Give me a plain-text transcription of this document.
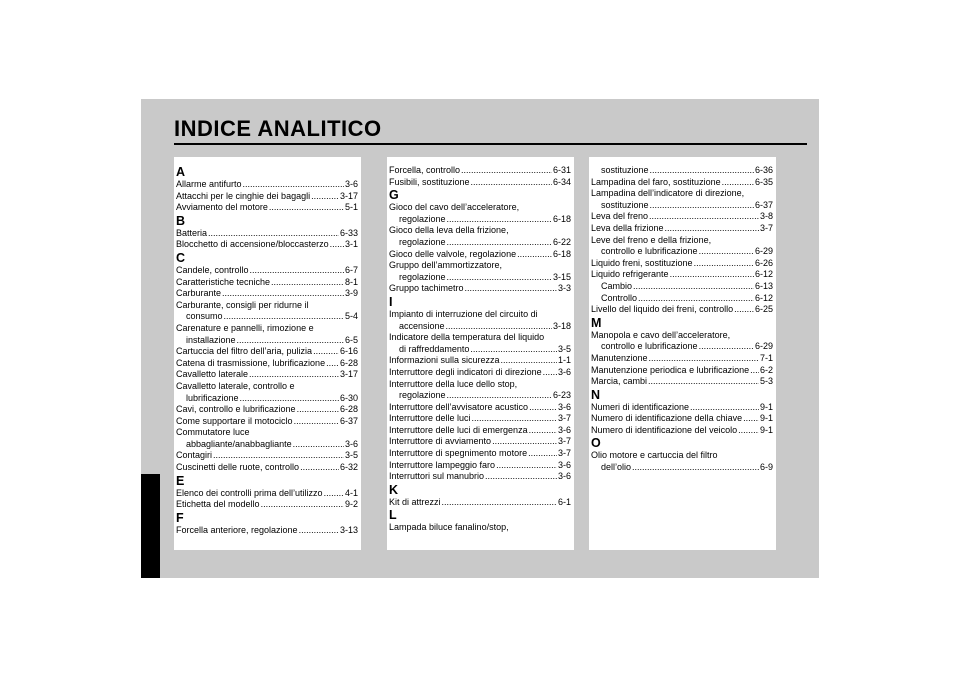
INDICE ANALITICO
A
Allarme antifurto .....	3-6
Attacchi per le cinghie dei bagagli .....	3-17
Avviamento del motore .....	5-1
B
Batteria .....	6-33
Blocchetto di accensione/bloccasterzo ..... 3-1
C
Candele, controllo .....	6-7
Caratteristiche tecniche .....	8-1
Carburante .....	3-9
Carburante, consigli per ridurne il
consumo .....	5-4
Carenature e pannelli, rimozione e
installazione .....	6-5
Cartuccia del filtro dell’aria, pulizia .....	6-16
Catena di trasmissione, lubrificazione ..... 6-28
Cavalletto laterale .....	3-17
Cavalletto laterale, controllo e
lubrificazione .....	6-30
Cavi, controllo e lubrificazione .....	6-28
Come supportare il motociclo .....	6-37
Commutatore luce
abbagliante/anabbagliante .....	3-6
Contagiri .....	3-5
Cuscinetti delle ruote, controllo .....	6-32
E
Elenco dei controlli prima dell’utilizzo ..... 4-1
Etichetta del modello .....	9-2
F
Forcella anteriore, regolazione .....	3-13
Forcella, controllo .....	6-31
Fusibili, sostituzione .....	6-34
G
Gioco del cavo dell’acceleratore,
regolazione .....	6-18
Gioco della leva della frizione,
regolazione .....	6-22
Gioco delle valvole, regolazione .....	6-18
Gruppo dell’ammortizzatore,
regolazione .....	3-15
Gruppo tachimetro .....	3-3
I
Impianto di interruzione del circuito di
accensione .....	3-18
Indicatore della temperatura del liquido
di raffreddamento .....	3-5
Informazioni sulla sicurezza .....	1-1
Interruttore degli indicatori di direzione ..... 3-6
Interruttore della luce dello stop,
regolazione .....	6-23
Interruttore dell’avvisatore acustico .....	3-6
Interruttore delle luci .....	3-7
Interruttore delle luci di emergenza .....	3-6
Interruttore di avviamento .....	3-7
Interruttore di spegnimento motore .....	3-7
Interruttore lampeggio faro .....	3-6
Interruttori sul manubrio .....	3-6
K
Kit di attrezzi .....	6-1
L
Lampada biluce fanalino/stop,
sostituzione .....	6-36
Lampadina del faro, sostituzione .....	6-35
Lampadina dell’indicatore di direzione,
sostituzione .....	6-37
Leva del freno .....	3-8
Leva della frizione .....	3-7
Leve del freno e della frizione,
controllo e lubrificazione .....	6-29
Liquido freni, sostituzione .....	6-26
Liquido refrigerante .....	6-12
Cambio .....	6-13
Controllo .....	6-12
Livello del liquido dei freni, controllo ..... 6-25
M
Manopola e cavo dell’acceleratore,
controllo e lubrificazione .....	6-29
Manutenzione .....	7-1
Manutenzione periodica e lubrificazione ..... 6-2
Marcia, cambi .....	5-3
N
Numeri di identificazione .....	9-1
Numero di identificazione della chiave ..... 9-1
Numero di identificazione del veicolo .....	9-1
O
Olio motore e cartuccia del filtro
dell’olio .....	6-9
